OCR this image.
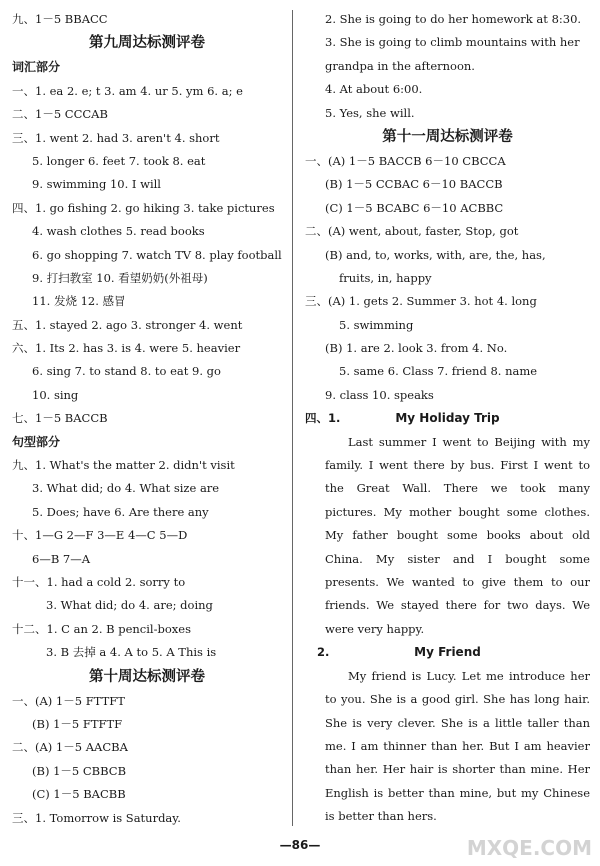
九、1－5 BBACC
第九周达标测评卷
词汇部分
一、1. ea 2. e; t 3. am 4. ur 5. ym 6. a; e
二、1－5 CCCAB
三、1. went 2. had 3. aren't 4. short
5. longer 6. feet 7. took 8. eat
9. swimming 10. I will
四、1. go fishing 2. go hiking 3. take pictures
4. wash clothes 5. read books
6. go shopping 7. watch TV 8. play football
9. 打扫教室 10. 看望奶奶(外祖母)
11. 发烧 12. 感冒
五、1. stayed 2. ago 3. stronger 4. went
六、1. Its 2. has 3. is 4. were 5. heavier
6. sing 7. to stand 8. to eat 9. go
10. sing
七、1－5 BACCB
句型部分
九、1. What's the matter 2. didn't visit
3. What did; do 4. What size are
5. Does; have 6. Are there any
十、1—G 2—F 3—E 4—C 5—D
6—B 7—A
十一、1. had a cold 2. sorry to
3. What did; do 4. are; doing
十二、1. C an 2. B pencil-boxes
3. B 去掉 a 4. A to 5. A This is
第十周达标测评卷
一、(A) 1－5 FTTFT
(B) 1－5 FTFTF
二、(A) 1－5 AACBA
(B) 1－5 CBBCB
(C) 1－5 BACBB
三、1. Tomorrow is Saturday.
2. She is going to do her homework at 8:30.
3. She is going to climb mountains with her
grandpa in the afternoon.
4. At about 6:00.
5. Yes, she will.
第十一周达标测评卷
一、(A) 1－5 BACCB 6－10 CBCCA
(B) 1－5 CCBAC 6－10 BACCB
(C) 1－5 BCABC 6－10 ACBBC
二、(A) went, about, faster, Stop, got
(B) and, to, works, with, are, the, has,
fruits, in, happy
三、(A) 1. gets 2. Summer 3. hot 4. long
5. swimming
(B) 1. are 2. look 3. from 4. No.
5. same 6. Class 7. friend 8. name
9. class 10. speaks
四、1.	My Holiday Trip

Last summer I went to Beijing with my family. I went there by bus. First I went to the Great Wall. There we took many pictures. My mother bought some clothes. My father bought some books about old China. My sister and I bought some presents. We wanted to give them to our friends. We stayed there for two days. We were very happy.

2.	My Friend

My friend is Lucy. Let me introduce her to you. She is a good girl. She has long hair. She is very clever. She is a little taller than me. I am thinner than her. But I am heavier than her. Her hair is shorter than mine. Her English is better than mine, but my Chinese is better than hers.

—86—	MXQE.COM
